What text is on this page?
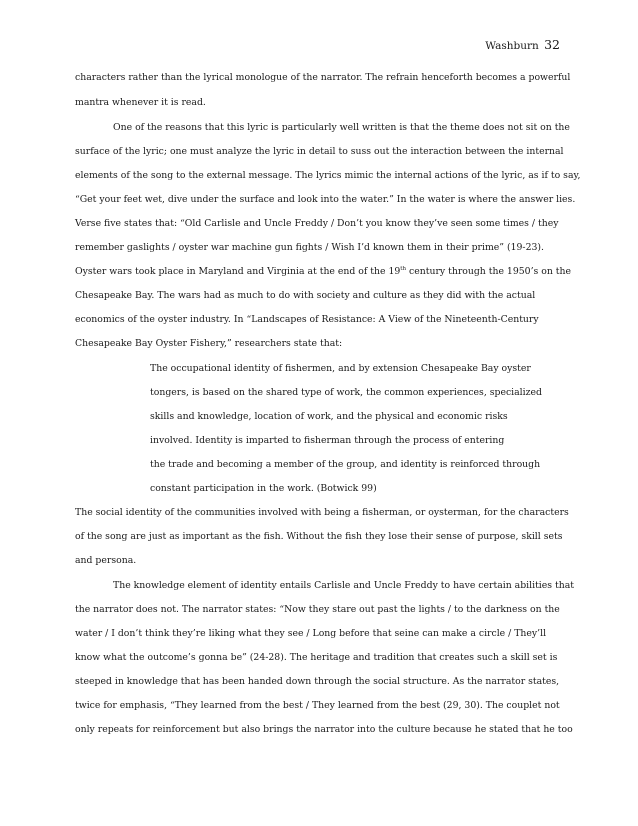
Washburn 32
characters rather than the lyrical monologue of the narrator. The refrain henceforth becomes a powerful
mantra whenever it is read.
One of the reasons that this lyric is particularly well written is that the theme does not sit on the
surface of the lyric; one must analyze the lyric in detail to suss out the interaction between the internal
elements of the song to the external message. The lyrics mimic the internal actions of the lyric, as if to say,
“Get your feet wet, dive under the surface and look into the water.” In the water is where the answer lies.
Verse five states that: “Old Carlisle and Uncle Freddy / Don’t you know they’ve seen some times / they
remember gaslights / oyster war machine gun fights / Wish I’d known them in their prime” (19-23).
Oyster wars took place in Maryland and Virginia at the end of the 19th century through the 1950’s on the
Chesapeake Bay. The wars had as much to do with society and culture as they did with the actual
economics of the oyster industry. In “Landscapes of Resistance: A View of the Nineteenth-Century
Chesapeake Bay Oyster Fishery,” researchers state that:
The occupational identity of fishermen, and by extension Chesapeake Bay oyster
tongers, is based on the shared type of work, the common experiences, specialized
skills and knowledge, location of work, and the physical and economic risks
involved. Identity is imparted to fisherman through the process of entering
the trade and becoming a member of the group, and identity is reinforced through
constant participation in the work. (Botwick 99)
The social identity of the communities involved with being a fisherman, or oysterman, for the characters
of the song are just as important as the fish. Without the fish they lose their sense of purpose, skill sets
and persona.
The knowledge element of identity entails Carlisle and Uncle Freddy to have certain abilities that
the narrator does not. The narrator states: “Now they stare out past the lights / to the darkness on the
water / I don’t think they’re liking what they see / Long before that seine can make a circle / They’ll
know what the outcome’s gonna be” (24-28). The heritage and tradition that creates such a skill set is
steeped in knowledge that has been handed down through the social structure. As the narrator states,
twice for emphasis, “They learned from the best / They learned from the best (29, 30). The couplet not
only repeats for reinforcement but also brings the narrator into the culture because he stated that he too
